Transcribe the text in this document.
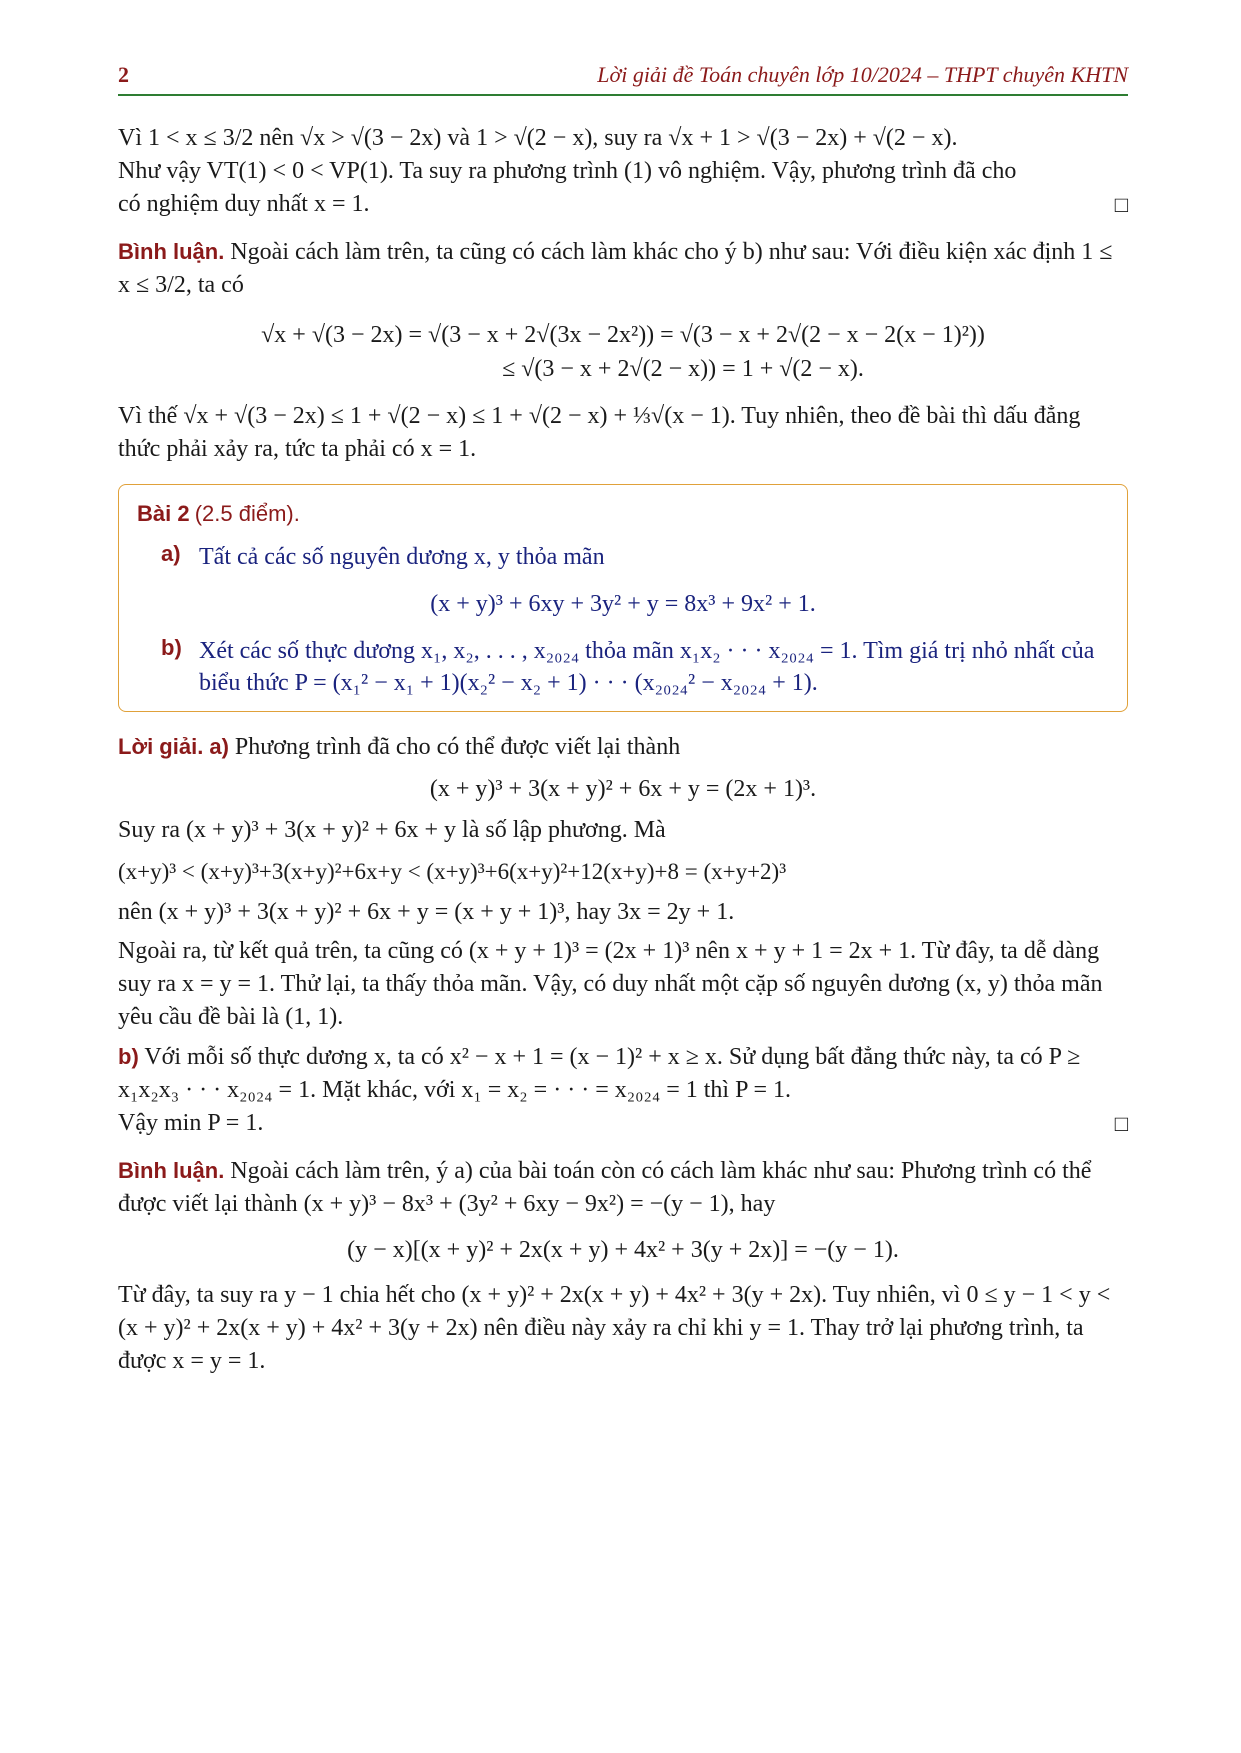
2	Lời giải đề Toán chuyên lớp 10/2024 – THPT chuyên KHTN

Vì 1 < x ≤ 3/2 nên √x > √(3 − 2x) và 1 > √(2 − x), suy ra √x + 1 > √(3 − 2x) + √(2 − x).

Như vậy VT(1) < 0 < VP(1). Ta suy ra phương trình (1) vô nghiệm. Vậy, phương trình đã cho

có nghiệm duy nhất x = 1.	□

Bình luận. Ngoài cách làm trên, ta cũng có cách làm khác cho ý b) như sau: Với điều kiện xác định 1 ≤ x ≤ 3/2, ta có

√x + √(3 − 2x) = √(3 − x + 2√(3x − 2x²)) = √(3 − x + 2√(2 − x − 2(x − 1)²))
≤ √(3 − x + 2√(2 − x)) = 1 + √(2 − x).

Vì thế √x + √(3 − 2x) ≤ 1 + √(2 − x) ≤ 1 + √(2 − x) + ⅓√(x − 1). Tuy nhiên, theo đề bài thì dấu đẳng thức phải xảy ra, tức ta phải có x = 1.

Bài 2 (2.5 điểm).
a) Tất cả các số nguyên dương x, y thỏa mãn
(x + y)³ + 6xy + 3y² + y = 8x³ + 9x² + 1.
b) Xét các số thực dương x₁, x₂, . . . , x₂₀₂₄ thỏa mãn x₁x₂ · · · x₂₀₂₄ = 1. Tìm giá trị nhỏ nhất của biểu thức P = (x₁² − x₁ + 1)(x₂² − x₂ + 1) · · · (x₂₀₂₄² − x₂₀₂₄ + 1).

Lời giải. a) Phương trình đã cho có thể được viết lại thành

(x + y)³ + 3(x + y)² + 6x + y = (2x + 1)³.

Suy ra (x + y)³ + 3(x + y)² + 6x + y là số lập phương. Mà

(x+y)³ < (x+y)³+3(x+y)²+6x+y < (x+y)³+6(x+y)²+12(x+y)+8 = (x+y+2)³

nên (x + y)³ + 3(x + y)² + 6x + y = (x + y + 1)³, hay 3x = 2y + 1.

Ngoài ra, từ kết quả trên, ta cũng có (x + y + 1)³ = (2x + 1)³ nên x + y + 1 = 2x + 1. Từ đây, ta dễ dàng suy ra x = y = 1. Thử lại, ta thấy thỏa mãn. Vậy, có duy nhất một cặp số nguyên dương (x, y) thỏa mãn yêu cầu đề bài là (1, 1).

b) Với mỗi số thực dương x, ta có x² − x + 1 = (x − 1)² + x ≥ x. Sử dụng bất đẳng thức này, ta có P ≥ x₁x₂x₃ · · · x₂₀₂₄ = 1. Mặt khác, với x₁ = x₂ = · · · = x₂₀₂₄ = 1 thì P = 1.

Vậy min P = 1.	□

Bình luận. Ngoài cách làm trên, ý a) của bài toán còn có cách làm khác như sau: Phương trình có thể được viết lại thành (x + y)³ − 8x³ + (3y² + 6xy − 9x²) = −(y − 1), hay

(y − x)[(x + y)² + 2x(x + y) + 4x² + 3(y + 2x)] = −(y − 1).

Từ đây, ta suy ra y − 1 chia hết cho (x + y)² + 2x(x + y) + 4x² + 3(y + 2x). Tuy nhiên, vì 0 ≤ y − 1 < y < (x + y)² + 2x(x + y) + 4x² + 3(y + 2x) nên điều này xảy ra chỉ khi y = 1. Thay trở lại phương trình, ta được x = y = 1.
